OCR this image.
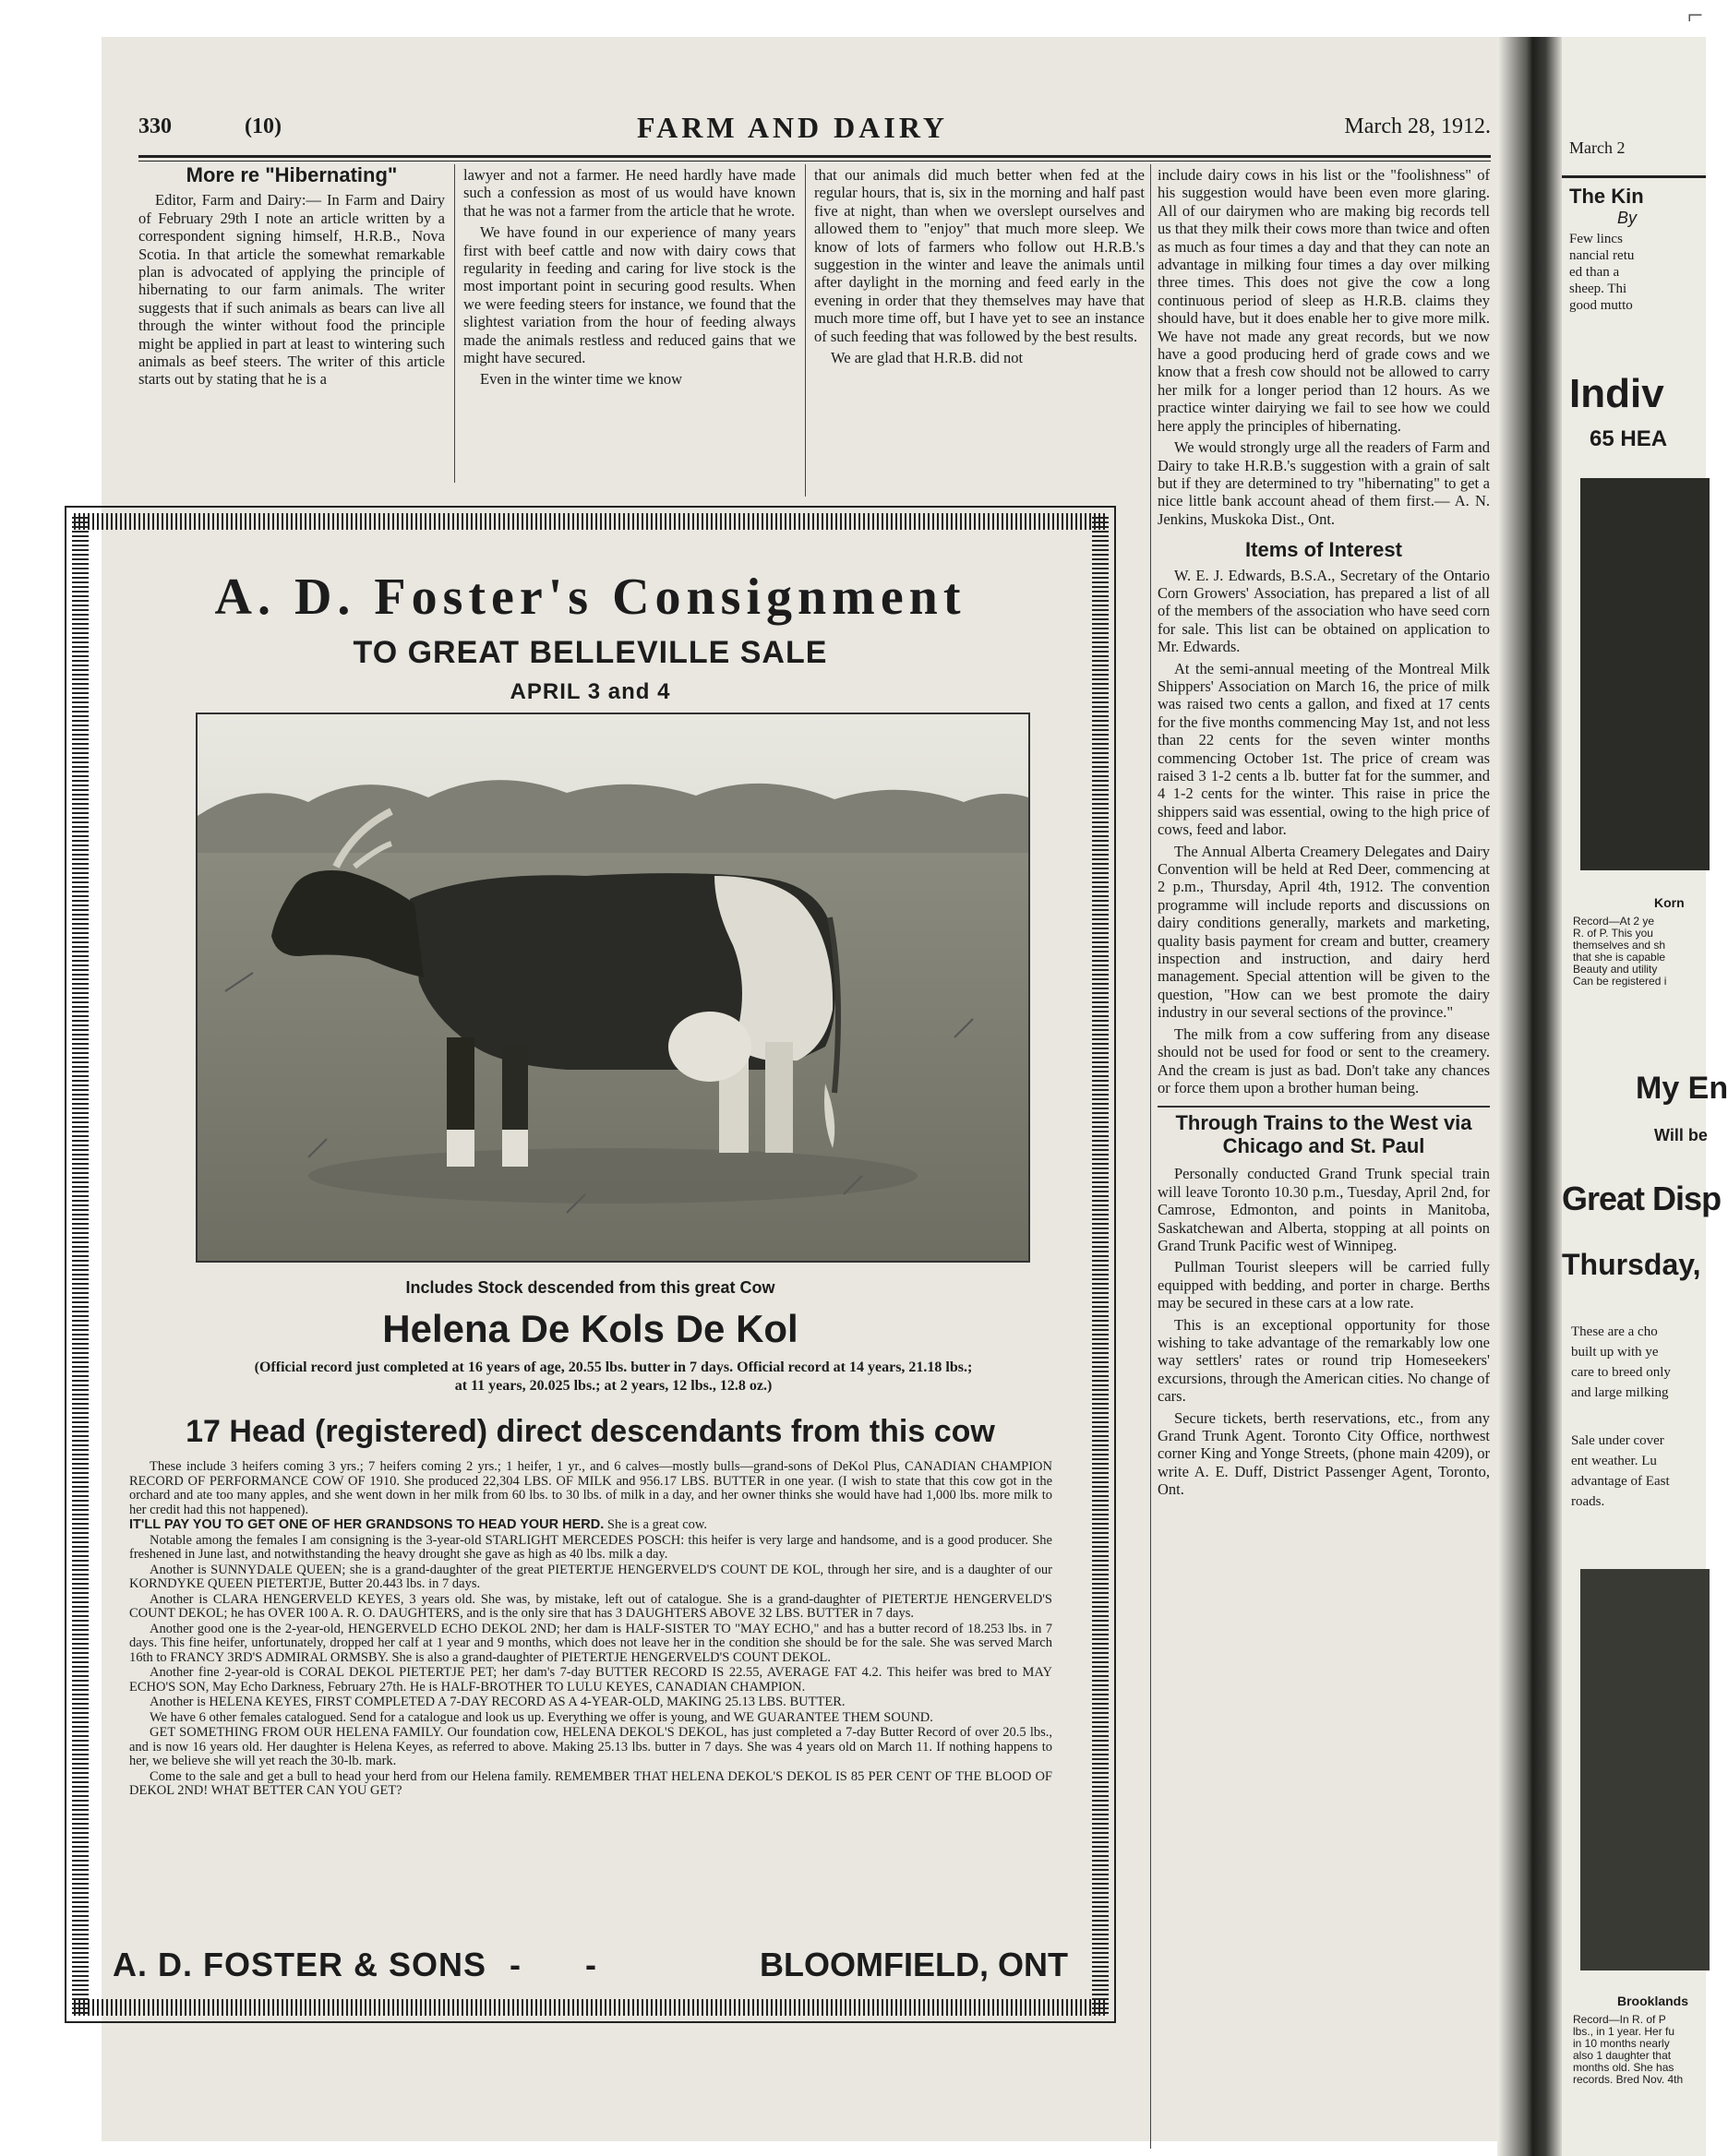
⌐
330	(10)	FARM AND DAIRY	March 28, 1912.
More re "Hibernating"

Editor, Farm and Dairy:— In Farm and Dairy of February 29th I note an article written by a correspondent signing himself, H.R.B., Nova Scotia. In that article the somewhat remarkable plan is advocated of applying the principle of hibernating to our farm animals. The writer suggests that if such animals as bears can live all through the winter without food the principle might be applied in part at least to wintering such animals as beef steers. The writer of this article starts out by stating that he is a

lawyer and not a farmer. He need hardly have made such a confession as most of us would have known that he was not a farmer from the article that he wrote.

We have found in our experience of many years first with beef cattle and now with dairy cows that regularity in feeding and caring for live stock is the most important point in securing good results. When we were feeding steers for instance, we found that the slightest variation from the hour of feeding always made the animals restless and reduced gains that we might have secured.

Even in the winter time we know

that our animals did much better when fed at the regular hours, that is, six in the morning and half past five at night, than when we overslept ourselves and allowed them to "enjoy" that much more sleep. We know of lots of farmers who follow out H.R.B.'s suggestion in the winter and leave the animals until after daylight in the morning and feed early in the evening in order that they themselves may have that much more time off, but I have yet to see an instance of such feeding that was followed by the best results.

We are glad that H.R.B. did not

include dairy cows in his list or the "foolishness" of his suggestion would have been even more glaring. All of our dairymen who are making big records tell us that they milk their cows more than twice and often as much as four times a day and that they can note an advantage in milking four times a day over milking three times. This does not give the cow a long continuous period of sleep as H.R.B. claims they should have, but it does enable her to give more milk. We have not made any great records, but we now have a good producing herd of grade cows and we know that a fresh cow should not be allowed to carry her milk for a longer period than 12 hours. As we practice winter dairying we fail to see how we could here apply the principles of hibernating.

We would strongly urge all the readers of Farm and Dairy to take H.R.B.'s suggestion with a grain of salt but if they are determined to try "hibernating" to get a nice little bank account ahead of them first.— A. N. Jenkins, Muskoka Dist., Ont.

Items of Interest

W. E. J. Edwards, B.S.A., Secretary of the Ontario Corn Growers' Association, has prepared a list of all of the members of the association who have seed corn for sale. This list can be obtained on application to Mr. Edwards.

At the semi-annual meeting of the Montreal Milk Shippers' Association on March 16, the price of milk was raised two cents a gallon, and fixed at 17 cents for the five months commencing May 1st, and not less than 22 cents for the seven winter months commencing October 1st. The price of cream was raised 3 1-2 cents a lb. butter fat for the summer, and 4 1-2 cents for the winter. This raise in price the shippers said was essential, owing to the high price of cows, feed and labor.

The Annual Alberta Creamery Delegates and Dairy Convention will be held at Red Deer, commencing at 2 p.m., Thursday, April 4th, 1912. The convention programme will include reports and discussions on dairy conditions generally, markets and marketing, quality basis payment for cream and butter, creamery inspection and instruction, and dairy herd management. Special attention will be given to the question, "How can we best promote the dairy industry in our several sections of the province."

The milk from a cow suffering from any disease should not be used for food or sent to the creamery. And the cream is just as bad. Don't take any chances or force them upon a brother human being.

Through Trains to the West via Chicago and St. Paul

Personally conducted Grand Trunk special train will leave Toronto 10.30 p.m., Tuesday, April 2nd, for Camrose, Edmonton, and points in Manitoba, Saskatchewan and Alberta, stopping at all points on Grand Trunk Pacific west of Winnipeg.

Pullman Tourist sleepers will be carried fully equipped with bedding, and porter in charge. Berths may be secured in these cars at a low rate.

This is an exceptional opportunity for those wishing to take advantage of the remarkably low one way settlers' rates or round trip Homeseekers' excursions, through the American cities. No change of cars.

Secure tickets, berth reservations, etc., from any Grand Trunk Agent. Toronto City Office, northwest corner King and Yonge Streets, (phone main 4209), or write A. E. Duff, District Passenger Agent, Toronto, Ont.

A. D. Foster's Consignment
TO GREAT BELLEVILLE SALE
APRIL 3 and 4
Includes Stock descended from this great Cow
Helena De Kols De Kol
(Official record just completed at 16 years of age, 20.55 lbs. butter in 7 days. Official record at 14 years, 21.18 lbs.; at 11 years, 20.025 lbs.; at 2 years, 12 lbs., 12.8 oz.)
17 Head (registered) direct descendants from this cow

These include 3 heifers coming 3 yrs.; 7 heifers coming 2 yrs.; 1 heifer, 1 yr., and 6 calves—mostly bulls—grand-sons of DeKol Plus, CANADIAN CHAMPION RECORD OF PERFORMANCE COW OF 1910. She produced 22,304 LBS. OF MILK and 956.17 LBS. BUTTER in one year. (I wish to state that this cow got in the orchard and ate too many apples, and she went down in her milk from 60 lbs. to 30 lbs. of milk in a day, and her owner thinks she would have had 1,000 lbs. more milk to her credit had this not happened).

IT'LL PAY YOU TO GET ONE OF HER GRANDSONS TO HEAD YOUR HERD. She is a great cow.

Notable among the females I am consigning is the 3-year-old STARLIGHT MERCEDES POSCH: this heifer is very large and handsome, and is a good producer. She freshened in June last, and notwithstanding the heavy drought she gave as high as 40 lbs. milk a day.

Another is SUNNYDALE QUEEN; she is a grand-daughter of the great PIETERTJE HENGERVELD'S COUNT DE KOL, through her sire, and is a daughter of our KORNDYKE QUEEN PIETERTJE, Butter 20.443 lbs. in 7 days.

Another is CLARA HENGERVELD KEYES, 3 years old. She was, by mistake, left out of catalogue. She is a grand-daughter of PIETERTJE HENGERVELD'S COUNT DEKOL; he has OVER 100 A. R. O. DAUGHTERS, and is the only sire that has 3 DAUGHTERS ABOVE 32 LBS. BUTTER in 7 days.

Another good one is the 2-year-old, HENGERVELD ECHO DEKOL 2ND; her dam is HALF-SISTER TO "MAY ECHO," and has a butter record of 18.253 lbs. in 7 days. This fine heifer, unfortunately, dropped her calf at 1 year and 9 months, which does not leave her in the condition she should be for the sale. She was served March 16th to FRANCY 3RD'S ADMIRAL ORMSBY. She is also a grand-daughter of PIETERTJE HENGERVELD'S COUNT DEKOL.

Another fine 2-year-old is CORAL DEKOL PIETERTJE PET; her dam's 7-day BUTTER RECORD IS 22.55, AVERAGE FAT 4.2. This heifer was bred to MAY ECHO'S SON, May Echo Darkness, February 27th. He is HALF-BROTHER TO LULU KEYES, CANADIAN CHAMPION.

Another is HELENA KEYES, FIRST COMPLETED A 7-DAY RECORD AS A 4-YEAR-OLD, MAKING 25.13 LBS. BUTTER.

We have 6 other females catalogued. Send for a catalogue and look us up. Everything we offer is young, and WE GUARANTEE THEM SOUND.

GET SOMETHING FROM OUR HELENA FAMILY. Our foundation cow, HELENA DEKOL'S DEKOL, has just completed a 7-day Butter Record of over 20.5 lbs., and is now 16 years old. Her daughter is Helena Keyes, as referred to above. Making 25.13 lbs. butter in 7 days. She was 4 years old on March 11. If nothing happens to her, we believe she will yet reach the 30-lb. mark.

Come to the sale and get a bull to head your herd from our Helena family. REMEMBER THAT HELENA DEKOL'S DEKOL IS 85 PER CENT OF THE BLOOD OF DEKOL 2ND! WHAT BETTER CAN YOU GET?

A. D. FOSTER & SONS - -	BLOOMFIELD, ONT
March 2
The Kin
By
Few lincs
nancial retu
ed than a
sheep. Thi
good mutto
Indiv
65 HEA
Korn
Record—At 2 ye
R. of P. This you
themselves and sh
that she is capable
Beauty and utility
Can be registered i
My En
Will be
Great Disp
Thursday,
These are a cho
built up with ye
care to breed only
and large milking
Sale under cover
ent weather. Lu
advantage of East
roads.
Brooklands
Record—In R. of P
lbs., in 1 year. Her fu
in 10 months nearly
also 1 daughter that
months old. She has
records. Bred Nov. 4th
